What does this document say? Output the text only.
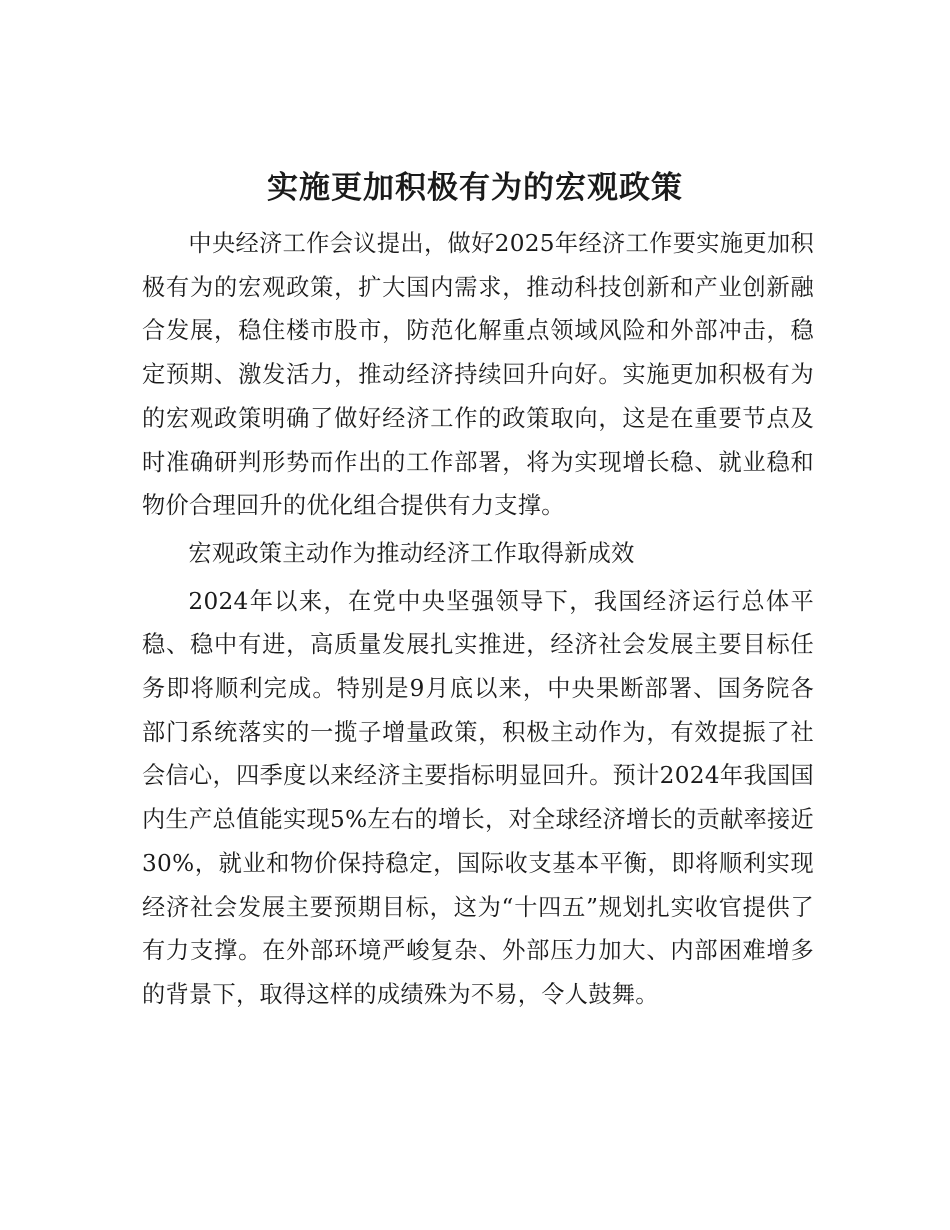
实施更加积极有为的宏观政策

中央经济工作会议提出，做好2025年经济工作要实施更加积极有为的宏观政策，扩大国内需求，推动科技创新和产业创新融合发展，稳住楼市股市，防范化解重点领域风险和外部冲击，稳定预期、激发活力，推动经济持续回升向好。实施更加积极有为的宏观政策明确了做好经济工作的政策取向，这是在重要节点及时准确研判形势而作出的工作部署，将为实现增长稳、就业稳和物价合理回升的优化组合提供有力支撑。

宏观政策主动作为推动经济工作取得新成效

2024年以来，在党中央坚强领导下，我国经济运行总体平稳、稳中有进，高质量发展扎实推进，经济社会发展主要目标任务即将顺利完成。特别是9月底以来，中央果断部署、国务院各部门系统落实的一揽子增量政策，积极主动作为，有效提振了社会信心，四季度以来经济主要指标明显回升。预计2024年我国国内生产总值能实现5%左右的增长，对全球经济增长的贡献率接近30%，就业和物价保持稳定，国际收支基本平衡，即将顺利实现经济社会发展主要预期目标，这为“十四五”规划扎实收官提供了有力支撑。在外部环境严峻复杂、外部压力加大、内部困难增多的背景下，取得这样的成绩殊为不易，令人鼓舞。
